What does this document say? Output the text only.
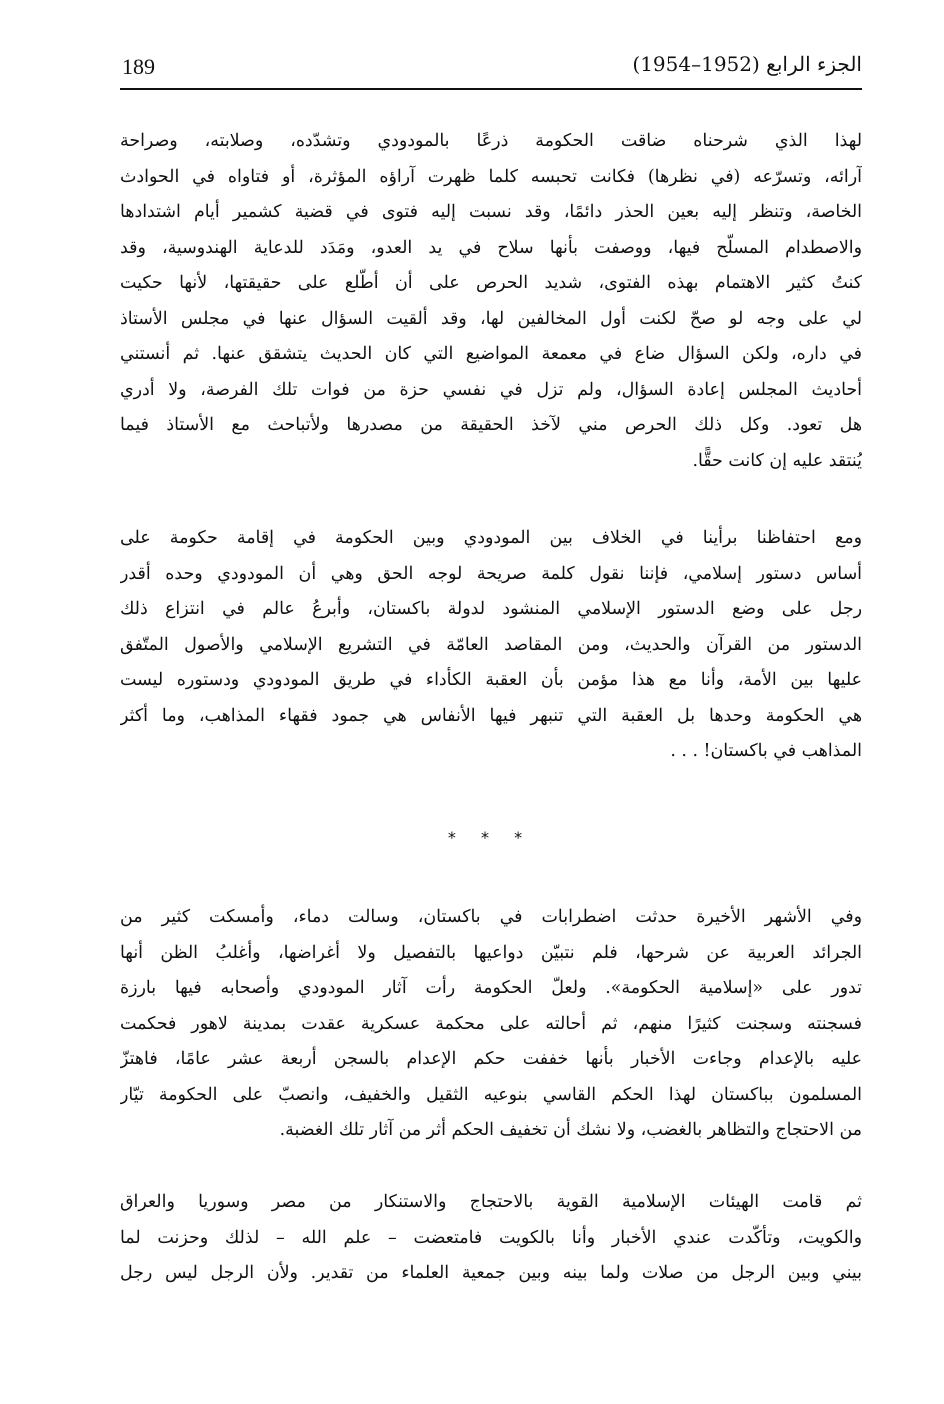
189	الجزء الرابع (1952–1954)
لهذا الذي شرحناه ضاقت الحكومة ذرعًا بالمودودي وتشدّده، وصلابته، وصراحة
آرائه، وتسرّعه (في نظرها) فكانت تحبسه كلما ظهرت آراؤه المؤثرة، أو فتاواه في الحوادث
الخاصة، وتنظر إليه بعين الحذر دائمًا، وقد نسبت إليه فتوى في قضية كشمير أيام اشتدادها
والاصطدام المسلّح فيها، ووصفت بأنها سلاح في يد العدو، ومَدَد للدعاية الهندوسية، وقد
كنتُ كثير الاهتمام بهذه الفتوى، شديد الحرص على أن أطّلع على حقيقتها، لأنها حكيت
لي على وجه لو صحّ لكنت أول المخالفين لها، وقد ألقيت السؤال عنها في مجلس الأستاذ
في داره، ولكن السؤال ضاع في معمعة المواضيع التي كان الحديث يتشقق عنها. ثم أنستني
أحاديث المجلس إعادة السؤال، ولم تزل في نفسي حزة من فوات تلك الفرصة، ولا أدري
هل تعود. وكل ذلك الحرص مني لآخذ الحقيقة من مصدرها ولأتباحث مع الأستاذ فيما
يُنتقد عليه إن كانت حقًّا.
ومع احتفاظنا برأينا في الخلاف بين المودودي وبين الحكومة في إقامة حكومة على
أساس دستور إسلامي، فإننا نقول كلمة صريحة لوجه الحق وهي أن المودودي وحده أقدر
رجل على وضع الدستور الإسلامي المنشود لدولة باكستان، وأبرعُ عالم في انتزاع ذلك
الدستور من القرآن والحديث، ومن المقاصد العامّة في التشريع الإسلامي والأصول المتّفق
عليها بين الأمة، وأنا مع هذا مؤمن بأن العقبة الكأداء في طريق المودودي ودستوره ليست
هي الحكومة وحدها بل العقبة التي تنبهر فيها الأنفاس هي جمود فقهاء المذاهب، وما أكثر
المذاهب في باكستان! . . .
* * *
وفي الأشهر الأخيرة حدثت اضطرابات في باكستان، وسالت دماء، وأمسكت كثير من
الجرائد العربية عن شرحها، فلم نتبيّن دواعيها بالتفصيل ولا أغراضها، وأغلبُ الظن أنها
تدور على «إسلامية الحكومة». ولعلّ الحكومة رأت آثار المودودي وأصحابه فيها بارزة
فسجنته وسجنت كثيرًا منهم، ثم أحالته على محكمة عسكرية عقدت بمدينة لاهور فحكمت
عليه بالإعدام وجاءت الأخبار بأنها خففت حكم الإعدام بالسجن أربعة عشر عامًا، فاهتزّ
المسلمون بباكستان لهذا الحكم القاسي بنوعيه الثقيل والخفيف، وانصبّ على الحكومة تيّار
من الاحتجاج والتظاهر بالغضب، ولا نشك أن تخفيف الحكم أثر من آثار تلك الغضبة.
ثم قامت الهيئات الإسلامية القوية بالاحتجاج والاستنكار من مصر وسوريا والعراق
والكويت، وتأكّدت عندي الأخبار وأنا بالكويت فامتعضت – علم الله – لذلك وحزنت لما
بيني وبين الرجل من صلات ولما بينه وبين جمعية العلماء من تقدير. ولأن الرجل ليس رجل
